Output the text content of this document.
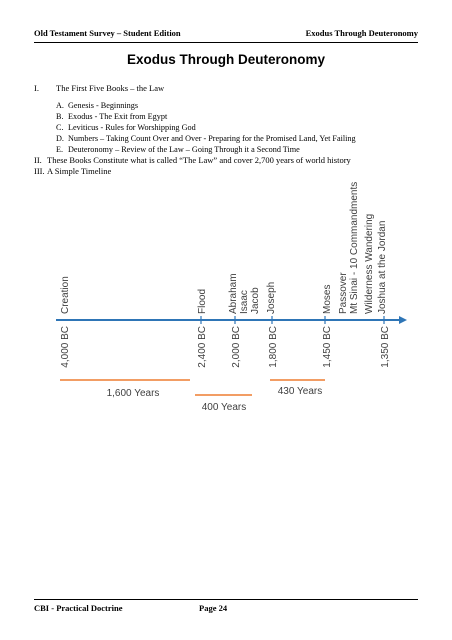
Old Testament Survey – Student Edition	Exodus Through Deuteronomy
Exodus Through Deuteronomy
I. The First Five Books – the Law
A. Genesis - Beginnings
B. Exodus - The Exit from Egypt
C. Leviticus - Rules for Worshipping God
D. Numbers – Taking Count Over and Over - Preparing for the Promised Land, Yet Failing
E. Deuteronomy – Review of the Law – Going Through it a Second Time
II. These Books Constitute what is called “The Law” and cover 2,700 years of world history
III. A Simple Timeline
Creation	Flood Abraham Isaac Jacob Joseph	Moses Passover Mt Sinai - 10 Commandments Wilderness Wandering Joshua at the Jordan
4,000 BC	2,400 BC 2,000 BC	1,800 BC	1,450 BC	1,350 BC
1,600 Years
400 Years
430 Years
CBI - Practical Doctrine	Page 24
